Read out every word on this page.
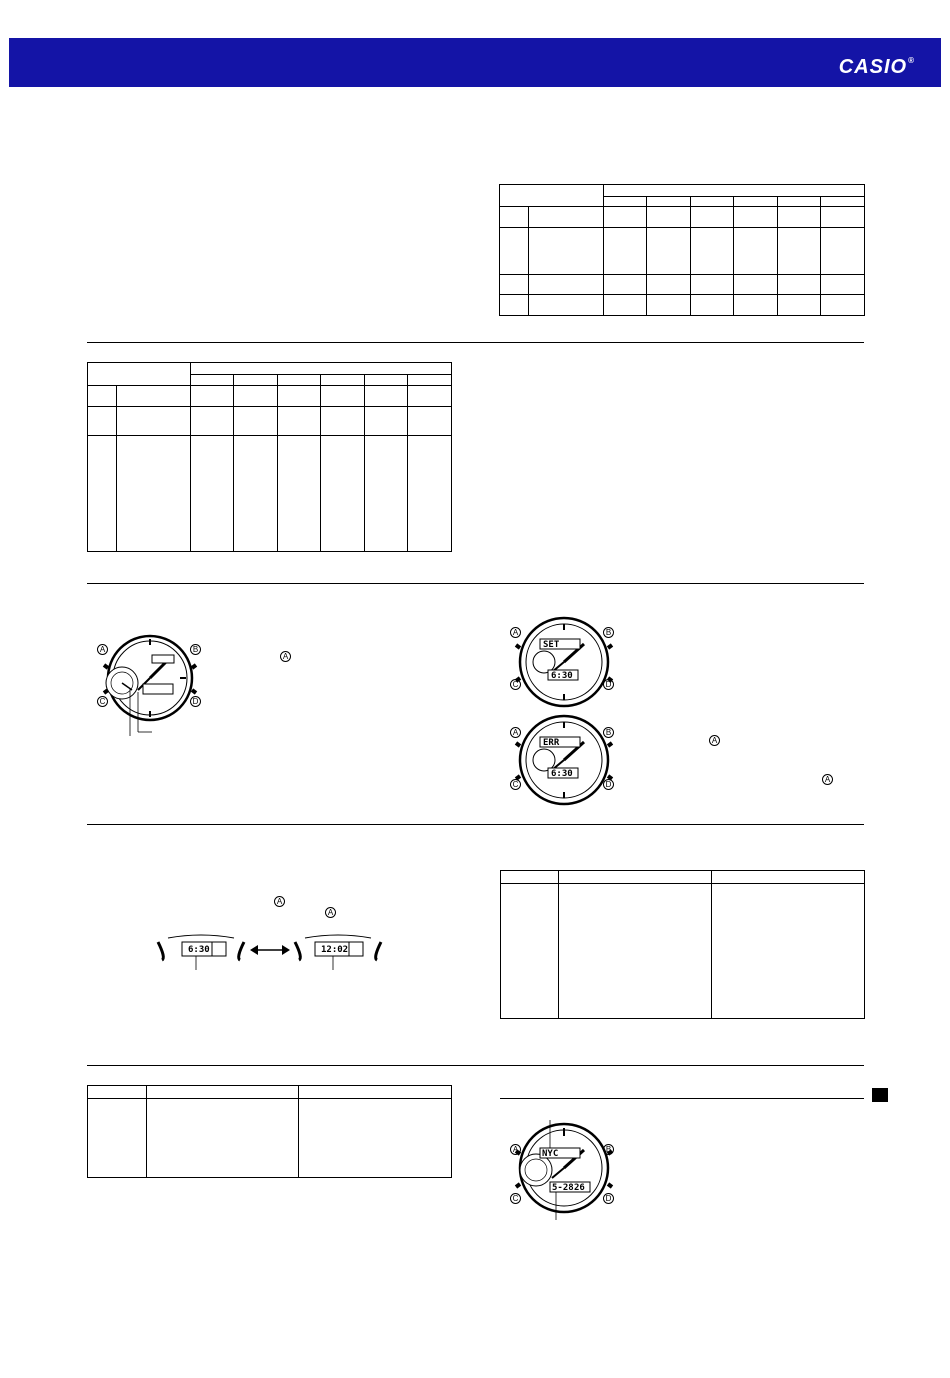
CASIO®
A	B
C	D
A
SET
6:30
A	B
C	D
ERR
6:30
A	B
C	D
A
A
A
A
6:30	12:02
NYC
5-28 26
A	B
C	D
